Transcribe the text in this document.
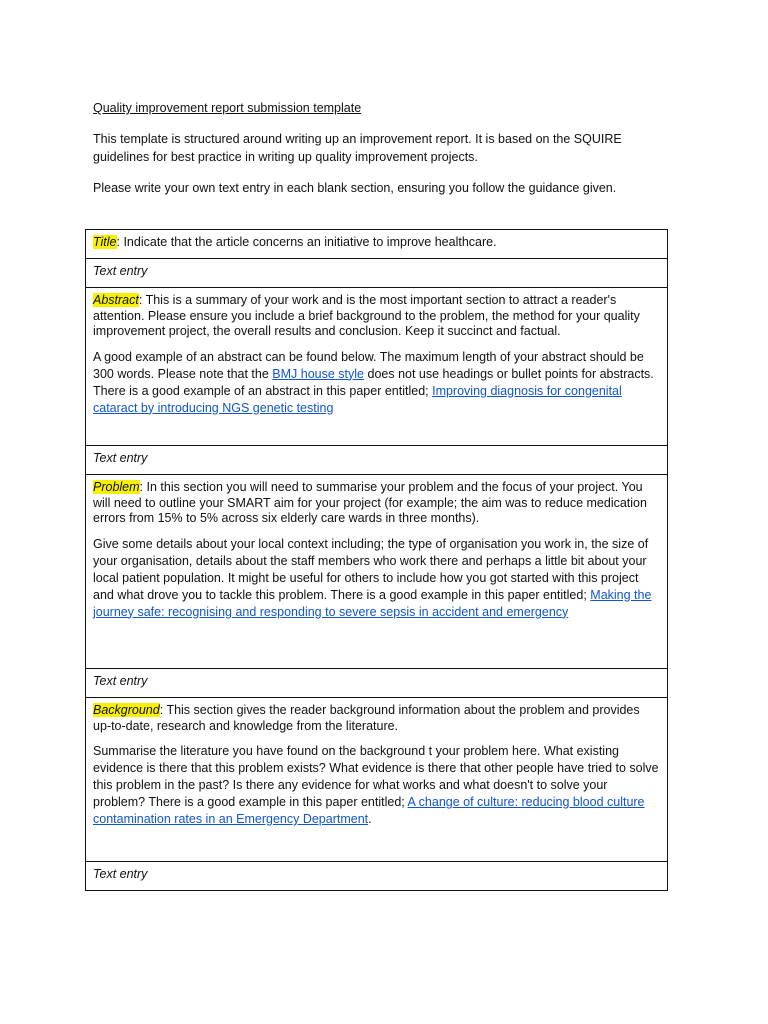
Quality improvement report submission template

This template is structured around writing up an improvement report. It is based on the SQUIRE guidelines for best practice in writing up quality improvement projects.

Please write your own text entry in each blank section, ensuring you follow the guidance given.

Title: Indicate that the article concerns an initiative to improve healthcare.
Text entry

Abstract: This is a summary of your work and is the most important section to attract a reader's attention. Please ensure you include a brief background to the problem, the method for your quality improvement project, the overall results and conclusion. Keep it succinct and factual.

A good example of an abstract can be found below. The maximum length of your abstract should be 300 words. Please note that the BMJ house style does not use headings or bullet points for abstracts. There is a good example of an abstract in this paper entitled; Improving diagnosis for congenital cataract by introducing NGS genetic testing

Text entry

Problem: In this section you will need to summarise your problem and the focus of your project. You will need to outline your SMART aim for your project (for example; the aim was to reduce medication errors from 15% to 5% across six elderly care wards in three months).

Give some details about your local context including; the type of organisation you work in, the size of your organisation, details about the staff members who work there and perhaps a little bit about your local patient population. It might be useful for others to include how you got started with this project and what drove you to tackle this problem. There is a good example in this paper entitled; Making the journey safe: recognising and responding to severe sepsis in accident and emergency

Text entry

Background: This section gives the reader background information about the problem and provides up-to-date, research and knowledge from the literature.

Summarise the literature you have found on the background t your problem here. What existing evidence is there that this problem exists? What evidence is there that other people have tried to solve this problem in the past? Is there any evidence for what works and what doesn't to solve your problem? There is a good example in this paper entitled; A change of culture: reducing blood culture contamination rates in an Emergency Department.

Text entry
